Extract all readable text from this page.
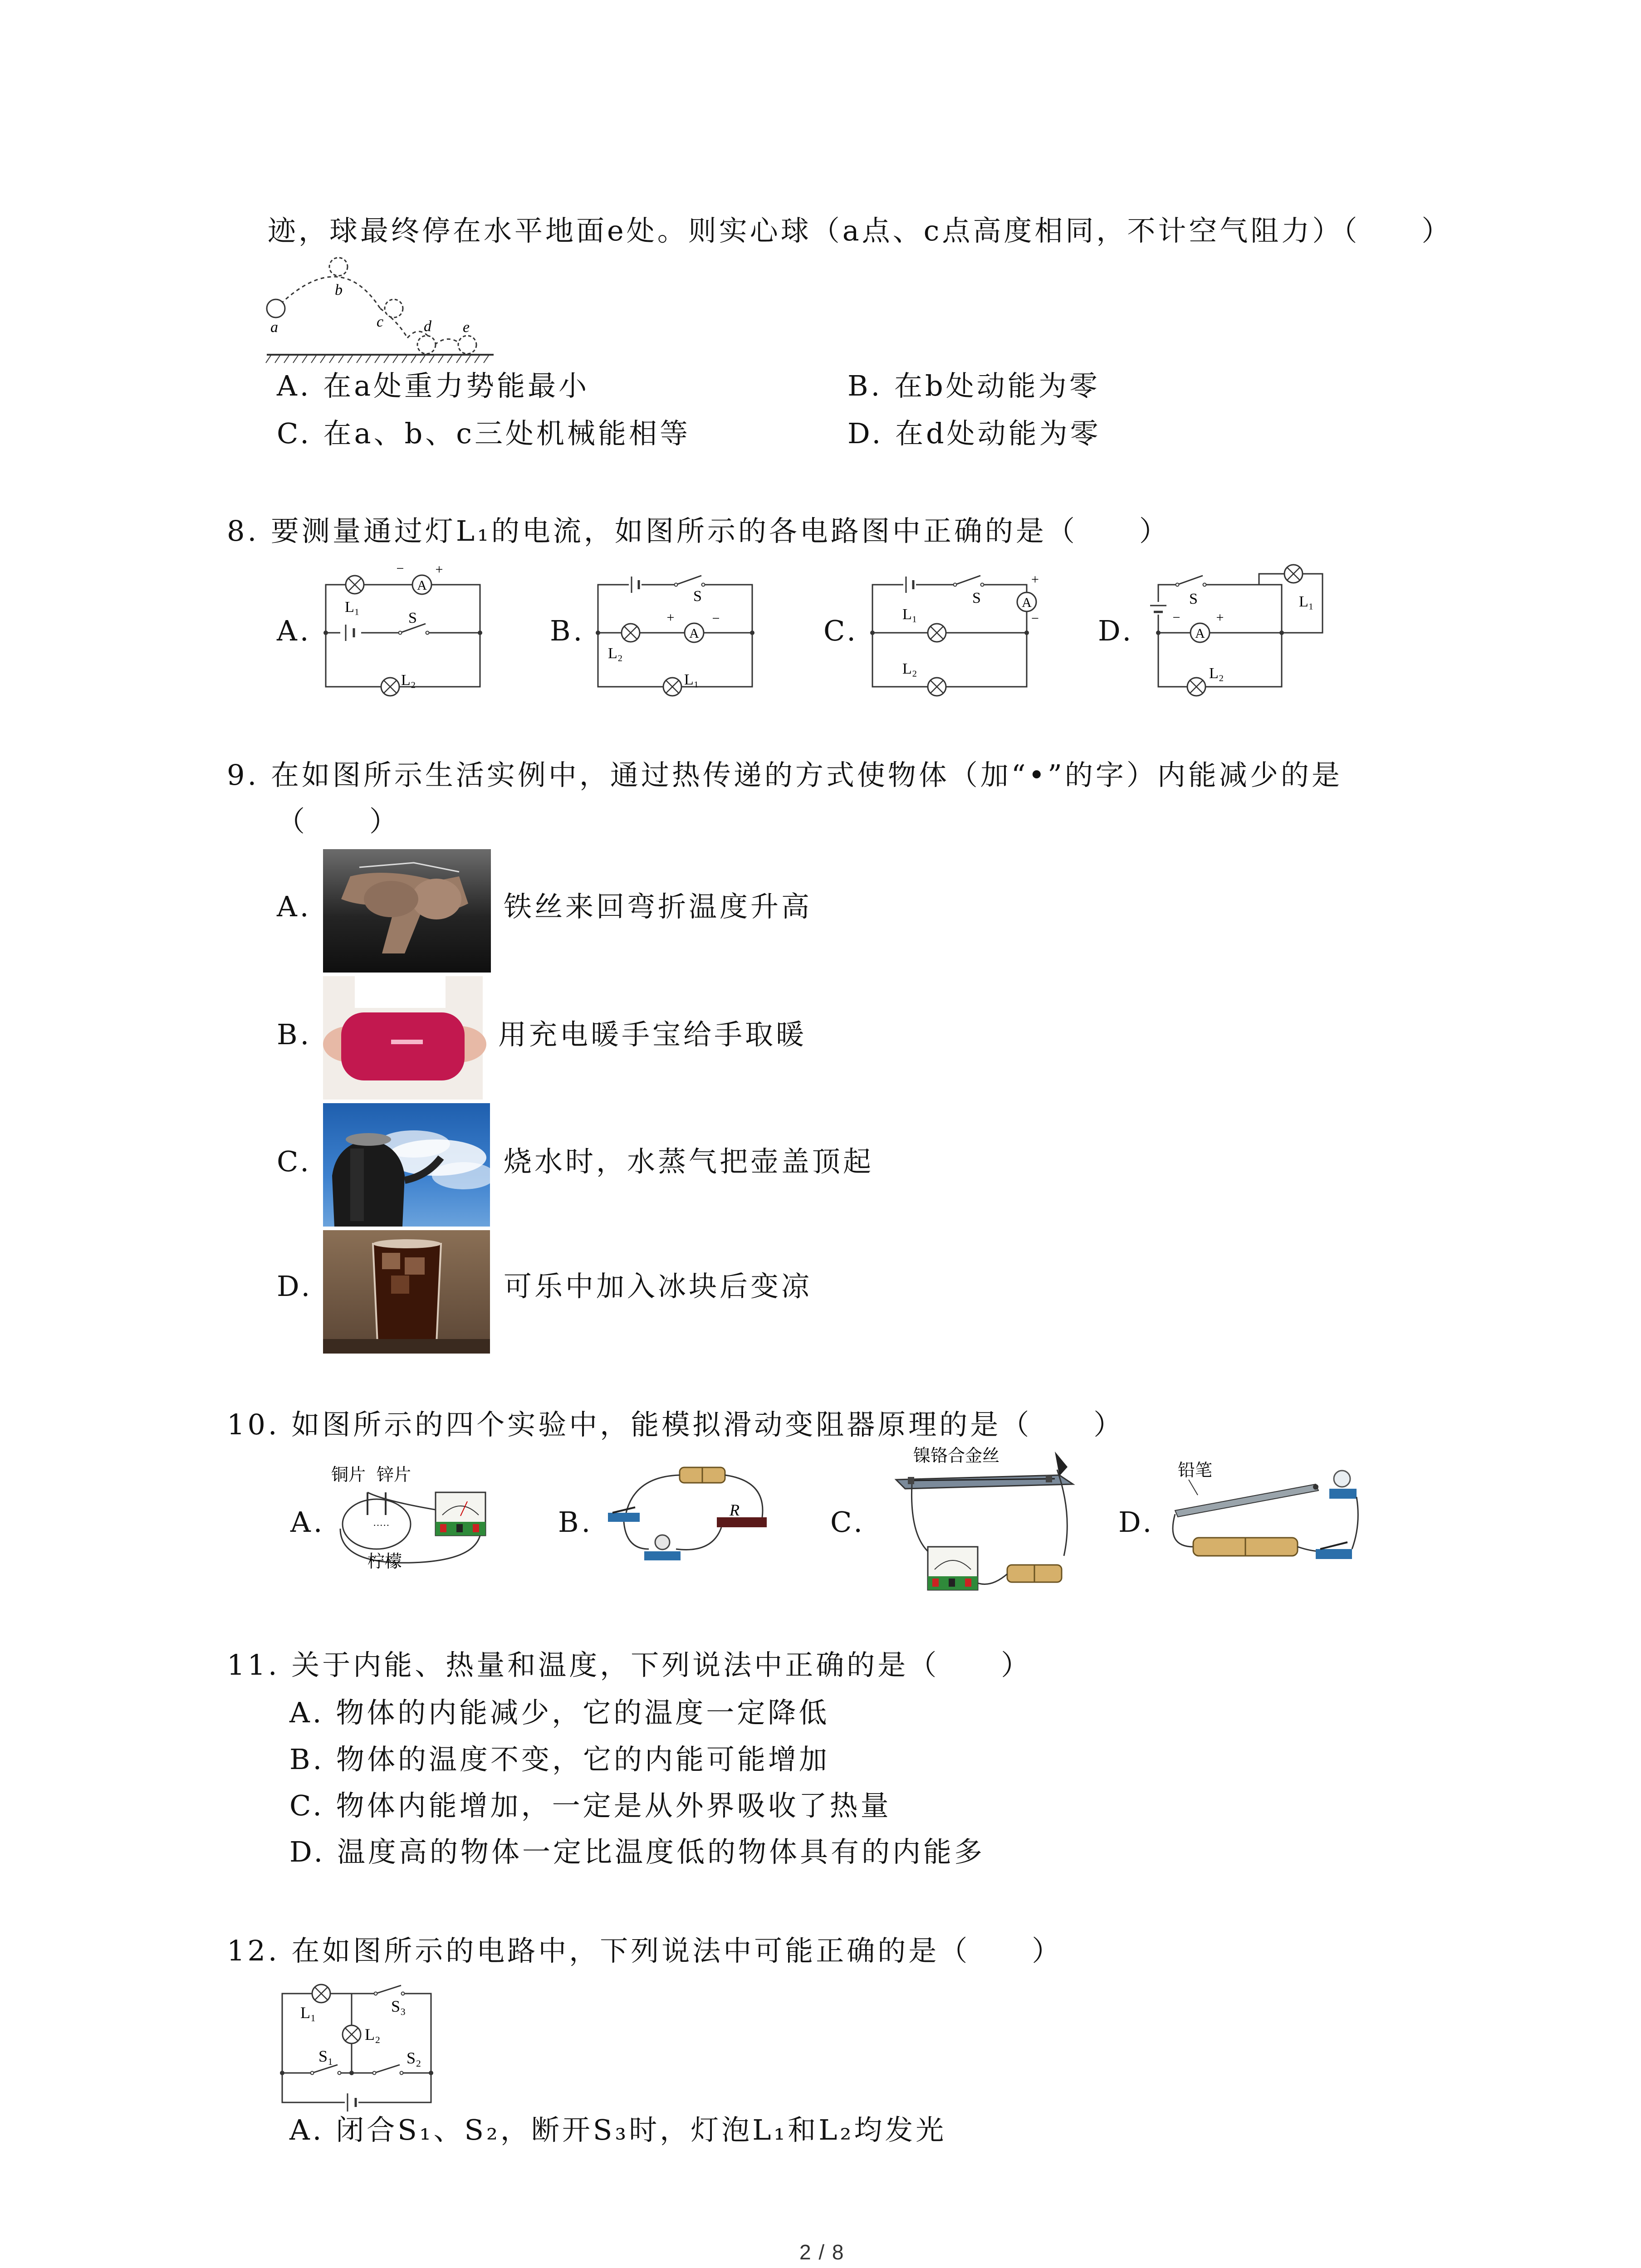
迹，球最终停在水平地面e处。则实心球（a点、c点高度相同，不计空气阻力）（　　）
a
b
c	d e
A. 在a处重力势能最小	B. 在b处动能为零
C. 在a、b、c三处机械能相等	D. 在d处动能为零
8. 要测量通过灯L₁的电流，如图所示的各电路图中正确的是（　　）
A.	B.	C.	D.
A
− +
L₁
S
L₂
A
S
+	−
L₂
L₁
A
S
+
−
L₁
L₂
A
S
−	+
L₁
L₂
9. 在如图所示生活实例中，通过热传递的方式使物体（加“•”的字）内能减少的是
（　　）
A.	铁丝来回弯折温度升高
B.	用充电暖手宝给手取暖
C.	烧水时，水蒸气把壶盖顶起
D.	可乐中加入冰块后变凉
10. 如图所示的四个实验中，能模拟滑动变阻器原理的是（　　）
A.	B.	C.	D.
铜片 锌片
·····
柠檬
R
镍铬合金丝
铅笔
11. 关于内能、热量和温度，下列说法中正确的是（　　）
A. 物体的内能减少，它的温度一定降低
B. 物体的温度不变，它的内能可能增加
C. 物体内能增加，一定是从外界吸收了热量
D. 温度高的物体一定比温度低的物体具有的内能多
12. 在如图所示的电路中，下列说法中可能正确的是（　　）
L₁	S₃
L₂
S₁	S₂
A. 闭合S₁、S₂，断开S₃时，灯泡L₁和L₂均发光
2 / 8
